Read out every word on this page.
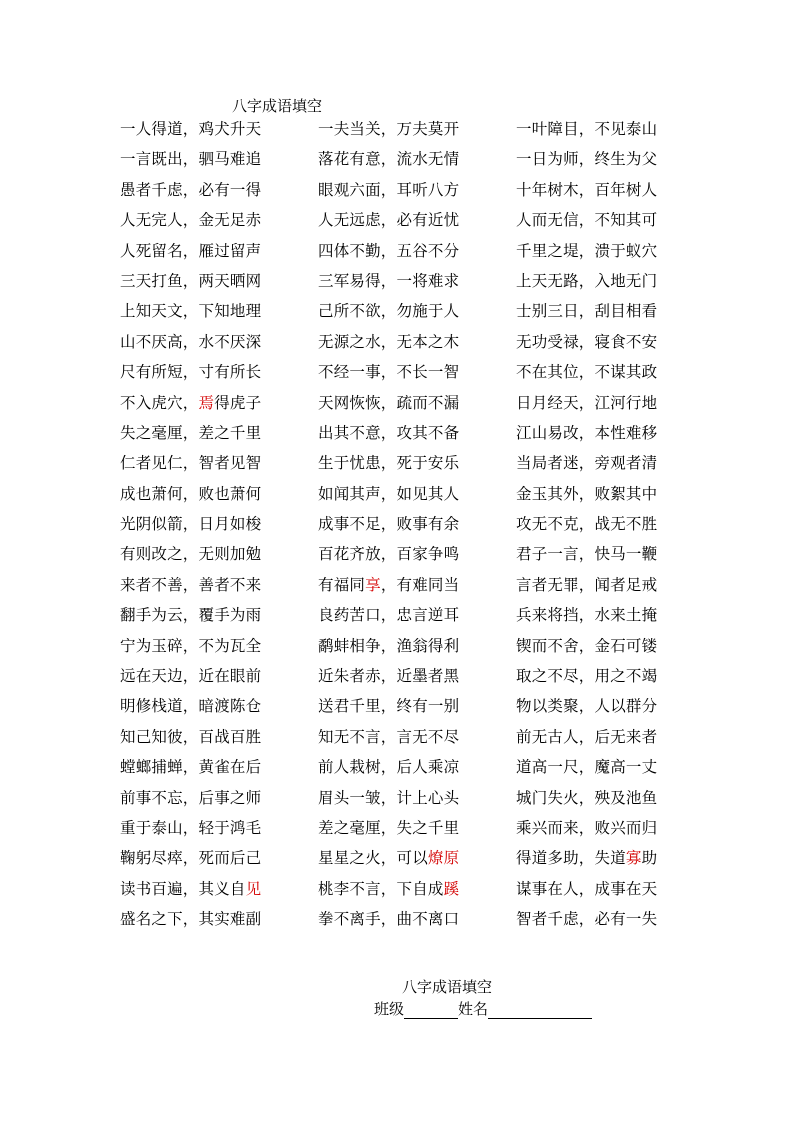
八字成语填空
一人得道，鸡犬升天	一夫当关，万夫莫开	一叶障目，不见泰山
一言既出，驷马难追	落花有意，流水无情	一日为师，终生为父
愚者千虑，必有一得	眼观六面，耳听八方	十年树木，百年树人
人无完人，金无足赤	人无远虑，必有近忧	人而无信，不知其可
人死留名，雁过留声	四体不勤，五谷不分	千里之堤，溃于蚁穴
三天打鱼，两天晒网	三军易得，一将难求	上天无路，入地无门
上知天文，下知地理	己所不欲，勿施于人	士别三日，刮目相看
山不厌高，水不厌深	无源之水，无本之木	无功受禄，寝食不安
尺有所短，寸有所长	不经一事，不长一智	不在其位，不谋其政
不入虎穴，焉得虎子	天网恢恢，疏而不漏	日月经天，江河行地
失之毫厘，差之千里	出其不意，攻其不备	江山易改，本性难移
仁者见仁，智者见智	生于忧患，死于安乐	当局者迷，旁观者清
成也萧何，败也萧何	如闻其声，如见其人	金玉其外，败絮其中
光阴似箭，日月如梭	成事不足，败事有余	攻无不克，战无不胜
有则改之，无则加勉	百花齐放，百家争鸣	君子一言，快马一鞭
来者不善，善者不来	有福同享，有难同当	言者无罪，闻者足戒
翻手为云，覆手为雨	良药苦口，忠言逆耳	兵来将挡，水来土掩
宁为玉碎，不为瓦全	鹬蚌相争，渔翁得利	锲而不舍，金石可镂
远在天边，近在眼前	近朱者赤，近墨者黑	取之不尽，用之不竭
明修栈道，暗渡陈仓	送君千里，终有一别	物以类聚，人以群分
知己知彼，百战百胜	知无不言，言无不尽	前无古人，后无来者
螳螂捕蝉，黄雀在后	前人栽树，后人乘凉	道高一尺，魔高一丈
前事不忘，后事之师	眉头一皱，计上心头	城门失火，殃及池鱼
重于泰山，轻于鸿毛	差之毫厘，失之千里	乘兴而来，败兴而归
鞠躬尽瘁，死而后己	星星之火，可以燎原	得道多助，失道寡助
读书百遍，其义自见	桃李不言，下自成蹊	谋事在人，成事在天
盛名之下，其实难副	拳不离手，曲不离口	智者千虑，必有一失
八字成语填空
班级	姓名
